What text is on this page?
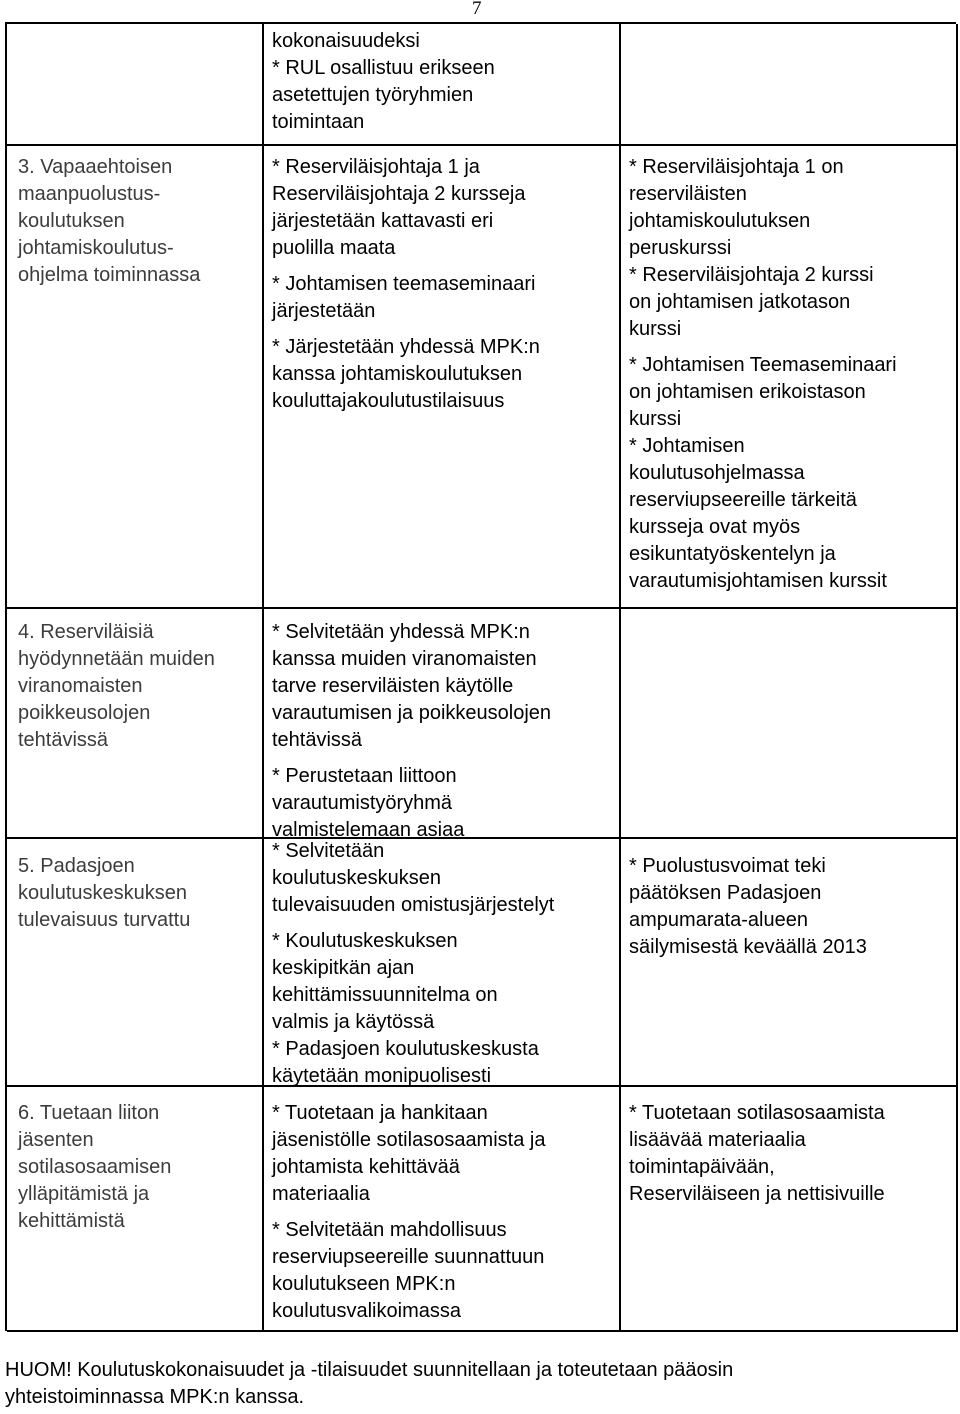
7
kokonaisuudeksi
* RUL osallistuu erikseen
asetettujen työryhmien
toimintaan
3. Vapaaehtoisen
maanpuolustus-
koulutuksen
johtamiskoulutus-
ohjelma toiminnassa
* Reserviläisjohtaja 1 ja
Reserviläisjohtaja 2 kursseja
järjestetään kattavasti eri
puolilla maata
* Johtamisen teemaseminaari
järjestetään
* Järjestetään yhdessä MPK:n
kanssa johtamiskoulutuksen
kouluttajakoulutustilaisuus
* Reserviläisjohtaja 1 on
reserviläisten
johtamiskoulutuksen
peruskurssi
* Reserviläisjohtaja 2 kurssi
on johtamisen jatkotason
kurssi
* Johtamisen Teemaseminaari
on johtamisen erikoistason
kurssi
* Johtamisen
koulutusohjelmassa
reserviupseereille tärkeitä
kursseja ovat myös
esikuntatyöskentelyn ja
varautumisjohtamisen kurssit
4. Reserviläisiä
hyödynnetään muiden
viranomaisten
poikkeusolojen
tehtävissä
* Selvitetään yhdessä MPK:n
kanssa muiden viranomaisten
tarve reserviläisten käytölle
varautumisen ja poikkeusolojen
tehtävissä
* Perustetaan liittoon
varautumistyöryhmä
valmistelemaan asiaa
5. Padasjoen
koulutuskeskuksen
tulevaisuus turvattu
* Selvitetään
koulutuskeskuksen
tulevaisuuden omistusjärjestelyt
* Koulutuskeskuksen
keskipitkän ajan
kehittämissuunnitelma on
valmis ja käytössä
* Padasjoen koulutuskeskusta
käytetään monipuolisesti
* Puolustusvoimat teki
päätöksen Padasjoen
ampumarata-alueen
säilymisestä keväällä 2013
6. Tuetaan liiton
jäsenten
sotilasosaamisen
ylläpitämistä ja
kehittämistä
* Tuotetaan ja hankitaan
jäsenistölle sotilasosaamista ja
johtamista kehittävää
materiaalia
* Selvitetään mahdollisuus
reserviupseereille suunnattuun
koulutukseen MPK:n
koulutusvalikoimassa
* Tuotetaan sotilasosaamista
lisäävää materiaalia
toimintapäivään,
Reserviläiseen ja nettisivuille
HUOM! Koulutuskokonaisuudet ja -tilaisuudet suunnitellaan ja toteutetaan pääosin
yhteistoiminnassa MPK:n kanssa.
